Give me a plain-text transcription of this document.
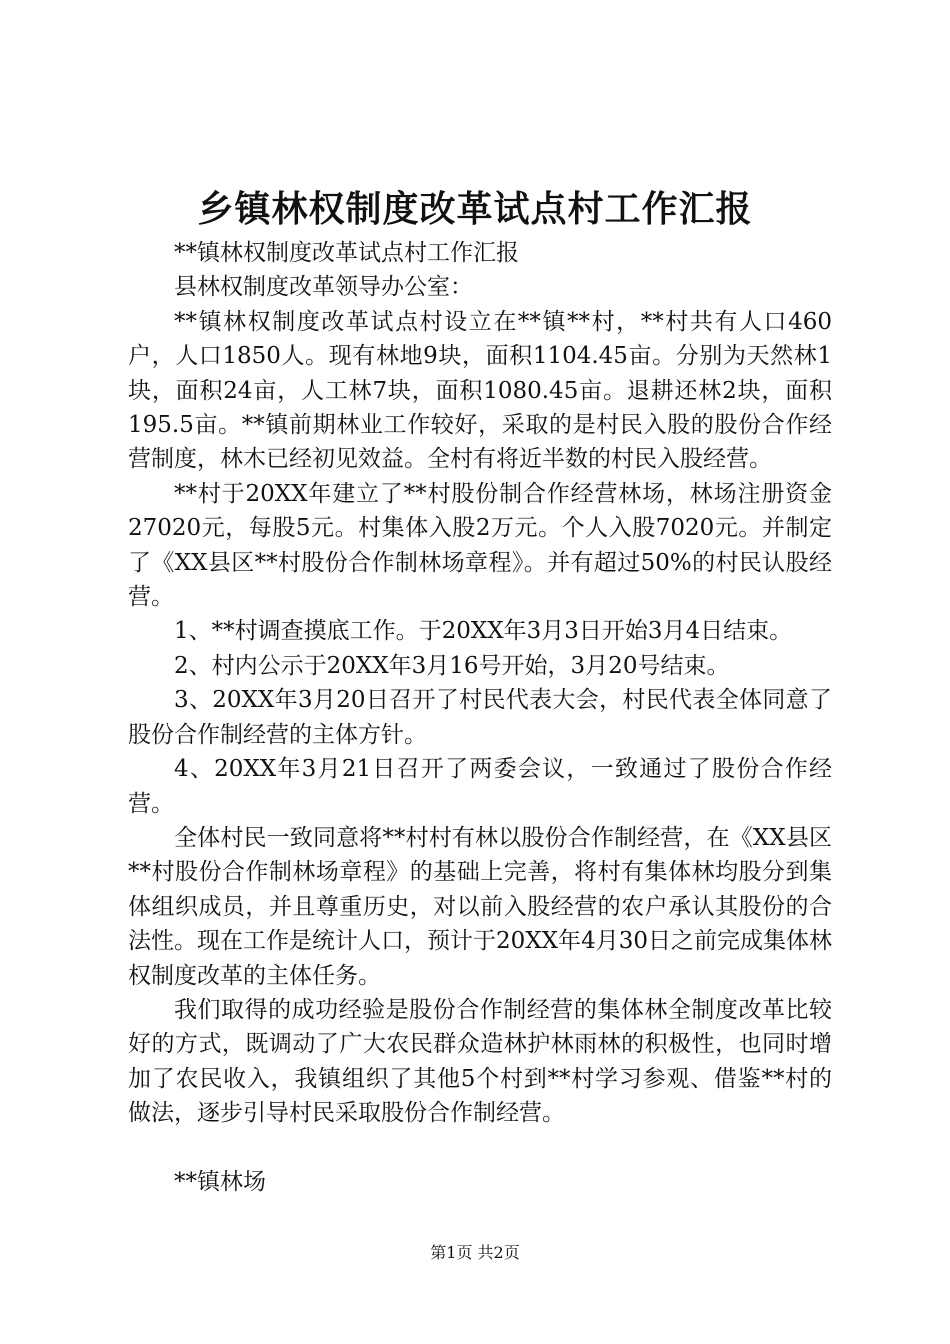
乡镇林权制度改革试点村工作汇报

**镇林权制度改革试点村工作汇报

县林权制度改革领导办公室：

**镇林权制度改革试点村设立在**镇**村，**村共有人口460户，人口1850人。现有林地9块，面积1104.45亩。分别为天然林1块，面积24亩，人工林7块，面积1080.45亩。退耕还林2块，面积195.5亩。**镇前期林业工作较好，采取的是村民入股的股份合作经营制度，林木已经初见效益。全村有将近半数的村民入股经营。

**村于20XX年建立了**村股份制合作经营林场，林场注册资金27020元，每股5元。村集体入股2万元。个人入股7020元。并制定了《XX县区**村股份合作制林场章程》。并有超过50%的村民认股经营。

1、**村调查摸底工作。于20XX年3月3日开始3月4日结束。

2、村内公示于20XX年3月16号开始，3月20号结束。

3、20XX年3月20日召开了村民代表大会，村民代表全体同意了股份合作制经营的主体方针。

4、20XX年3月21日召开了两委会议，一致通过了股份合作经营。

全体村民一致同意将**村村有林以股份合作制经营，在《XX县区**村股份合作制林场章程》的基础上完善，将村有集体林均股分到集体组织成员，并且尊重历史，对以前入股经营的农户承认其股份的合法性。现在工作是统计人口，预计于20XX年4月30日之前完成集体林权制度改革的主体任务。

我们取得的成功经验是股份合作制经营的集体林全制度改革比较好的方式，既调动了广大农民群众造林护林雨林的积极性，也同时增加了农民收入，我镇组织了其他5个村到**村学习参观、借鉴**村的做法，逐步引导村民采取股份合作制经营。

**镇林场

第1页 共2页
